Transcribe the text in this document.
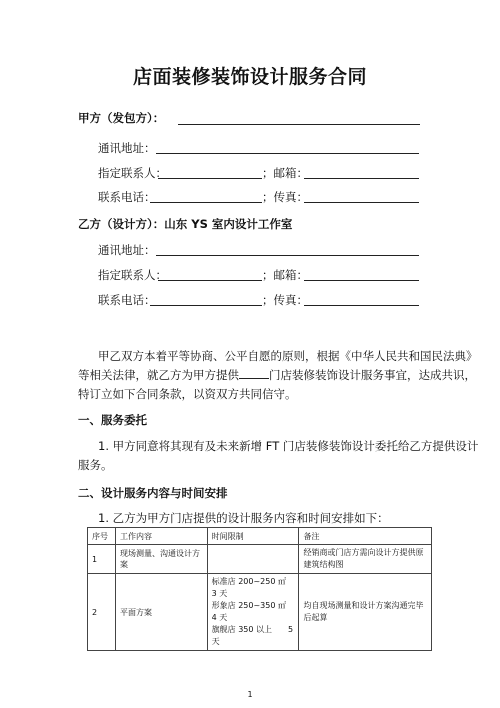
店面装修装饰设计服务合同
甲方（发包方）：
通讯地址：
指定联系人：	；邮箱：
联系电话：	；传真：
乙方（设计方）：山东 YS 室内设计工作室
通讯地址：
指定联系人：	；邮箱：
联系电话：	；传真：
甲乙双方本着平等协商、公平自愿的原则，根据《中华人民共和国民法典》
等相关法律，就乙方为甲方提供	门店装修装饰设计服务事宜，达成共识，
特订立如下合同条款，以资双方共同信守。
一、服务委托
1. 甲方同意将其现有及未来新增 FT 门店装修装饰设计委托给乙方提供设计
服务。
二、设计服务内容与时间安排
1. 乙方为甲方门店提供的设计服务内容和时间安排如下：
序号	工作内容	时间限制	备注
1	现场测量、沟通设计方案		经销商或门店方需向设计方提供原建筑结构图
2	平面方案	标准店 200~250 ㎡　3 天
形象店 250~350 ㎡　4 天
旗舰店 350 以上　　5 天	均自现场测量和设计方案沟通完毕后起算
1
